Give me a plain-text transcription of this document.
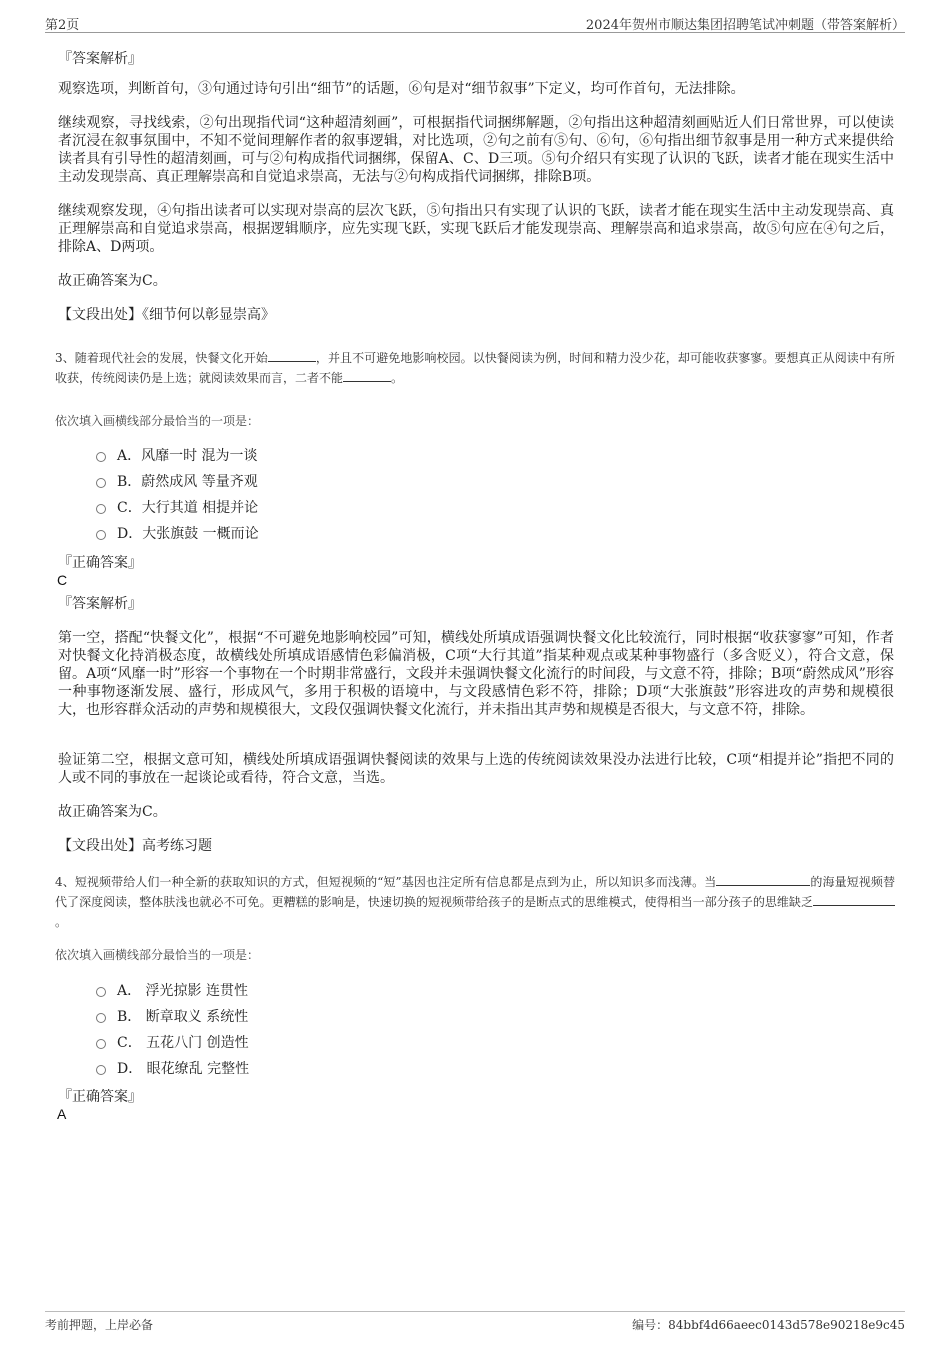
第2页	2024年贺州市顺达集团招聘笔试冲刺题（带答案解析）
『答案解析』
观察选项，判断首句，③句通过诗句引出“细节”的话题，⑥句是对“细节叙事”下定义，均可作首句，无法排除。
继续观察，寻找线索，②句出现指代词“这种超清刻画”，可根据指代词捆绑解题，②句指出这种超清刻画贴近人们日常世界，可以使读者沉浸在叙事氛围中，不知不觉间理解作者的叙事逻辑，对比选项，②句之前有⑤句、⑥句，⑥句指出细节叙事是用一种方式来提供给读者具有引导性的超清刻画，可与②句构成指代词捆绑，保留A、C、D三项。⑤句介绍只有实现了认识的飞跃，读者才能在现实生活中主动发现崇高、真正理解崇高和自觉追求崇高，无法与②句构成指代词捆绑，排除B项。
继续观察发现，④句指出读者可以实现对崇高的层次飞跃，⑤句指出只有实现了认识的飞跃，读者才能在现实生活中主动发现崇高、真正理解崇高和自觉追求崇高，根据逻辑顺序，应先实现飞跃，实现飞跃后才能发现崇高、理解崇高和追求崇高，故⑤句应在④句之后，排除A、D两项。
故正确答案为C。
【文段出处】《细节何以彰显崇高》
3、随着现代社会的发展，快餐文化开始	，并且不可避免地影响校园。以快餐阅读为例，时间和精力没少花，却可能收获寥寥。要想真正从阅读中有所收获，传统阅读仍是上选；就阅读效果而言，二者不能	。
依次填入画横线部分最恰当的一项是：
A．风靡一时 混为一谈
B．蔚然成风 等量齐观
C．大行其道 相提并论
D．大张旗鼓 一概而论
『正确答案』
C
『答案解析』
第一空，搭配“快餐文化”，根据“不可避免地影响校园”可知，横线处所填成语强调快餐文化比较流行，同时根据“收获寥寥”可知，作者对快餐文化持消极态度，故横线处所填成语感情色彩偏消极，C项“大行其道”指某种观点或某种事物盛行（多含贬义），符合文意，保留。A项“风靡一时”形容一个事物在一个时期非常盛行，文段并未强调快餐文化流行的时间段，与文意不符，排除；B项“蔚然成风”形容一种事物逐渐发展、盛行，形成风气，多用于积极的语境中，与文段感情色彩不符，排除；D项“大张旗鼓”形容进攻的声势和规模很大，也形容群众活动的声势和规模很大，文段仅强调快餐文化流行，并未指出其声势和规模是否很大，与文意不符，排除。
验证第二空，根据文意可知，横线处所填成语强调快餐阅读的效果与上选的传统阅读效果没办法进行比较，C项“相提并论”指把不同的人或不同的事放在一起谈论或看待，符合文意，当选。
故正确答案为C。
【文段出处】高考练习题
4、短视频带给人们一种全新的获取知识的方式，但短视频的“短”基因也注定所有信息都是点到为止，所以知识多而浅薄。当	的海量短视频替代了深度阅读，整体肤浅也就必不可免。更糟糕的影响是，快速切换的短视频带给孩子的是断点式的思维模式，使得相当一部分孩子的思维缺乏。
依次填入画横线部分最恰当的一项是：
A． 浮光掠影 连贯性
B． 断章取义 系统性
C． 五花八门 创造性
D． 眼花缭乱 完整性
『正确答案』
A
考前押题，上岸必备	编号：84bbf4d66aeec0143d578e90218e9c45
